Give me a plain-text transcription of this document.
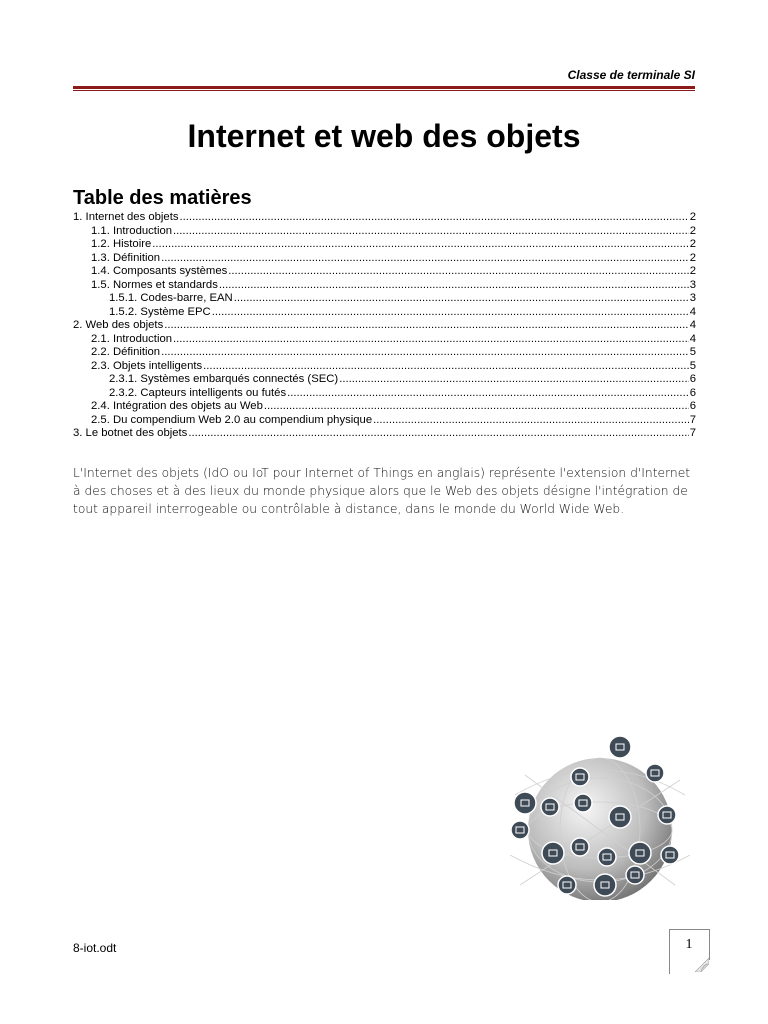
Classe de terminale SI
Internet et web des objets
Table des matières
1. Internet des objets .....	2
1.1. Introduction .....	2
1.2. Histoire .....	2
1.3. Définition .....	2
1.4. Composants systèmes .....	2
1.5. Normes et standards .....	3
1.5.1. Codes-barre, EAN .....	3
1.5.2. Système EPC .....	4
2. Web des objets .....	4
2.1. Introduction .....	4
2.2. Définition .....	5
2.3. Objets intelligents .....	5
2.3.1. Systèmes embarqués connectés (SEC) .....	6
2.3.2. Capteurs intelligents ou futés .....	6
2.4. Intégration des objets au Web .....	6
2.5. Du compendium Web 2.0 au compendium physique .....	7
3. Le botnet des objets .....	7
L'Internet des objets (IdO ou IoT pour Internet of Things en anglais) représente l'extension d'Internet à des choses et à des lieux du monde physique alors que le Web des objets désigne l'intégration de tout appareil interrogeable ou contrôlable à distance, dans le monde du World Wide Web.
8-iot.odt	1
